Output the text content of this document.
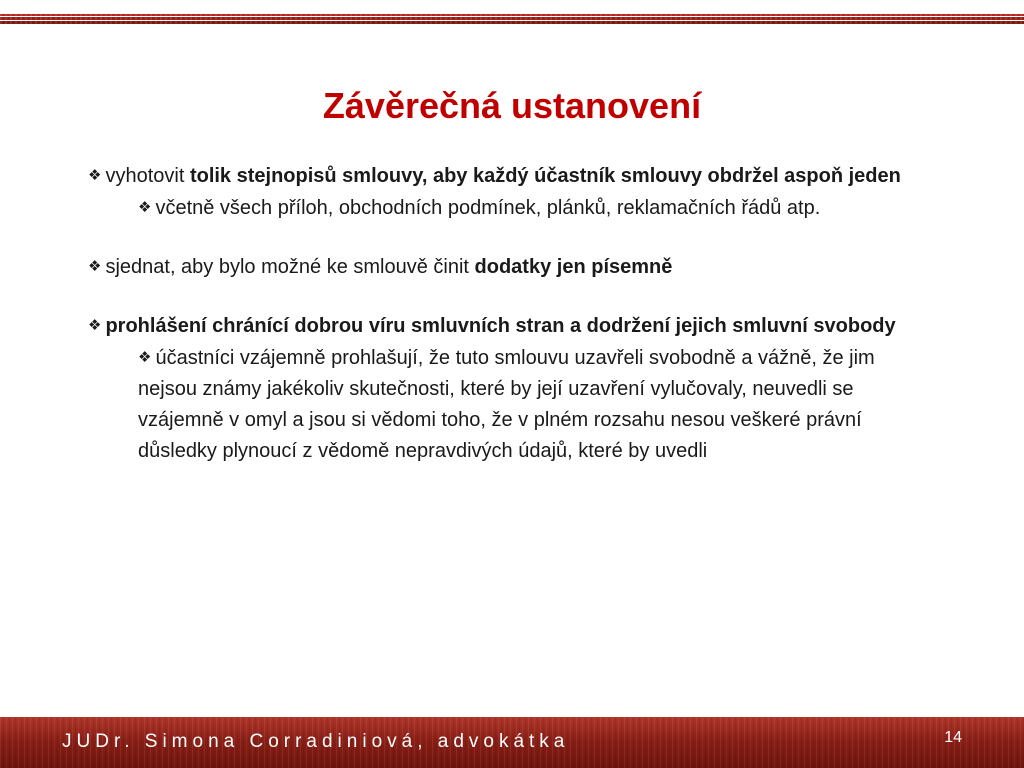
Závěrečná ustanovení

❖ vyhotovit tolik stejnopisů smlouvy, aby každý účastník smlouvy obdržel aspoň jeden

❖ včetně všech příloh, obchodních podmínek, plánků, reklamačních řádů atp.

❖ sjednat, aby bylo možné ke smlouvě činit dodatky jen písemně

❖ prohlášení chránící dobrou víru smluvních stran a dodržení jejich smluvní svobody

❖ účastníci vzájemně prohlašují, že tuto smlouvu uzavřeli svobodně a vážně, že jim nejsou známy jakékoliv skutečnosti, které by její uzavření vylučovaly, neuvedli se vzájemně v omyl a jsou si vědomi toho, že v plném rozsahu nesou veškeré právní důsledky plynoucí z vědomě nepravdivých údajů, které by uvedli

JUDr. Simona Corradiniová, advokátka	14
